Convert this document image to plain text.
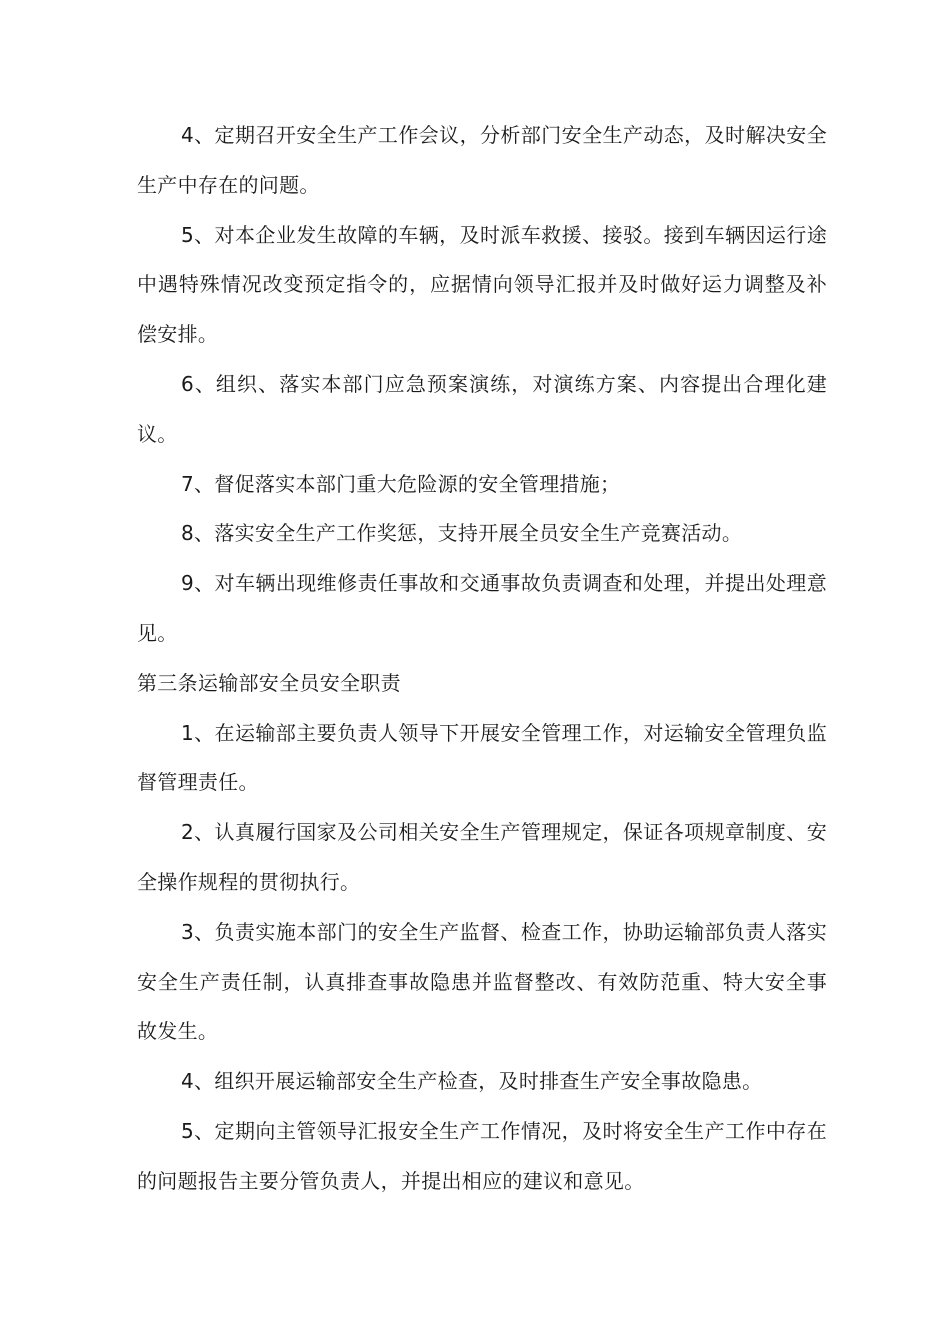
4、定期召开安全生产工作会议，分析部门安全生产动态，及时解决安全生产中存在的问题。

5、对本企业发生故障的车辆，及时派车救援、接驳。接到车辆因运行途中遇特殊情况改变预定指令的，应据情向领导汇报并及时做好运力调整及补偿安排。

6、组织、落实本部门应急预案演练，对演练方案、内容提出合理化建议。

7、督促落实本部门重大危险源的安全管理措施；

8、落实安全生产工作奖惩，支持开展全员安全生产竞赛活动。

9、对车辆出现维修责任事故和交通事故负责调查和处理，并提出处理意见。

第三条运输部安全员安全职责

1、在运输部主要负责人领导下开展安全管理工作，对运输安全管理负监督管理责任。

2、认真履行国家及公司相关安全生产管理规定，保证各项规章制度、安全操作规程的贯彻执行。

3、负责实施本部门的安全生产监督、检查工作，协助运输部负责人落实安全生产责任制，认真排查事故隐患并监督整改、有效防范重、特大安全事故发生。

4、组织开展运输部安全生产检查，及时排查生产安全事故隐患。

5、定期向主管领导汇报安全生产工作情况，及时将安全生产工作中存在的问题报告主要分管负责人，并提出相应的建议和意见。
